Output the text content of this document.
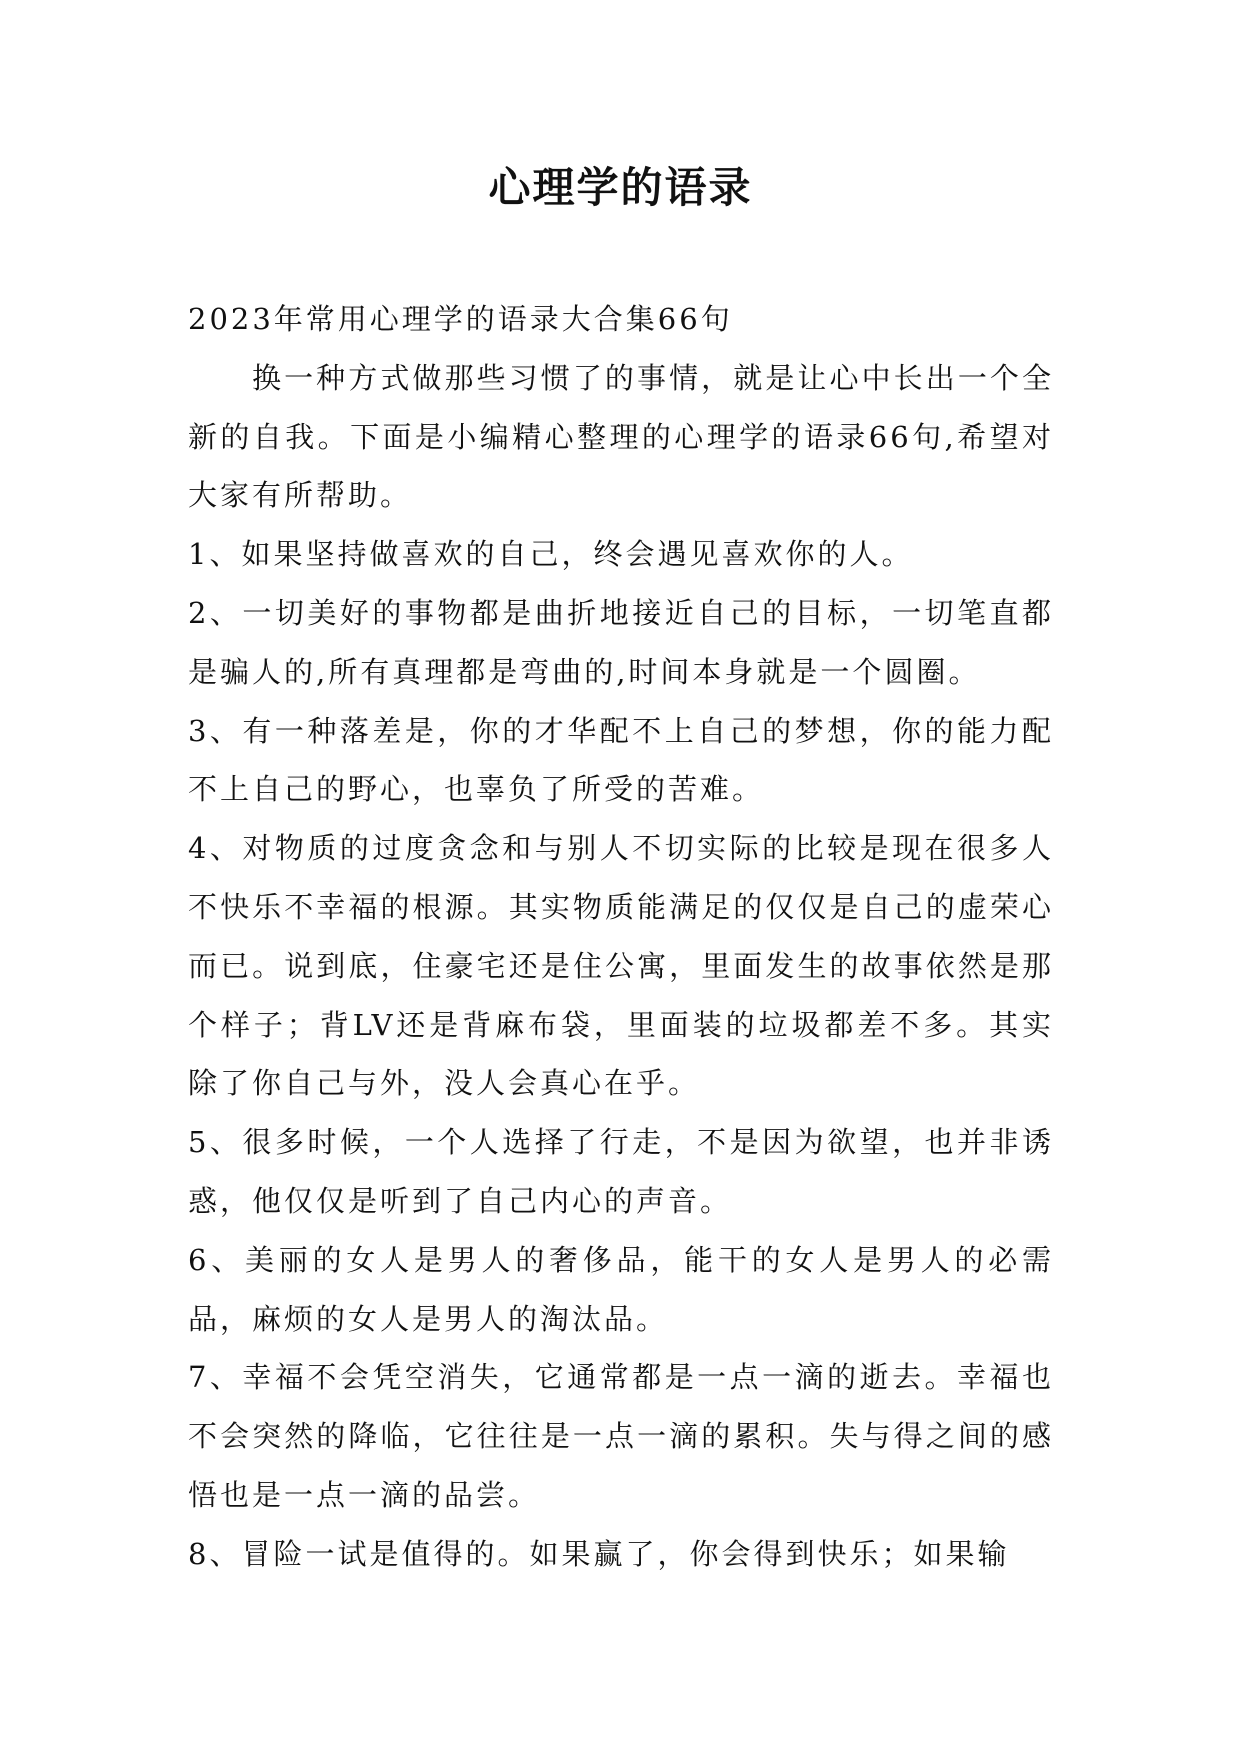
心理学的语录

2023年常用心理学的语录大合集66句

换一种方式做那些习惯了的事情，就是让心中长出一个全新的自我。下面是小编精心整理的心理学的语录66句,希望对大家有所帮助。

1、如果坚持做喜欢的自己，终会遇见喜欢你的人。

2、一切美好的事物都是曲折地接近自己的目标，一切笔直都是骗人的,所有真理都是弯曲的,时间本身就是一个圆圈。

3、有一种落差是，你的才华配不上自己的梦想，你的能力配不上自己的野心，也辜负了所受的苦难。

4、对物质的过度贪念和与别人不切实际的比较是现在很多人不快乐不幸福的根源。其实物质能满足的仅仅是自己的虚荣心而已。说到底，住豪宅还是住公寓，里面发生的故事依然是那个样子；背LV还是背麻布袋，里面装的垃圾都差不多。其实除了你自己与外，没人会真心在乎。

5、很多时候，一个人选择了行走，不是因为欲望，也并非诱惑，他仅仅是听到了自己内心的声音。

6、美丽的女人是男人的奢侈品，能干的女人是男人的必需品，麻烦的女人是男人的淘汰品。

7、幸福不会凭空消失，它通常都是一点一滴的逝去。幸福也不会突然的降临，它往往是一点一滴的累积。失与得之间的感悟也是一点一滴的品尝。

8、冒险一试是值得的。如果赢了，你会得到快乐；如果输
